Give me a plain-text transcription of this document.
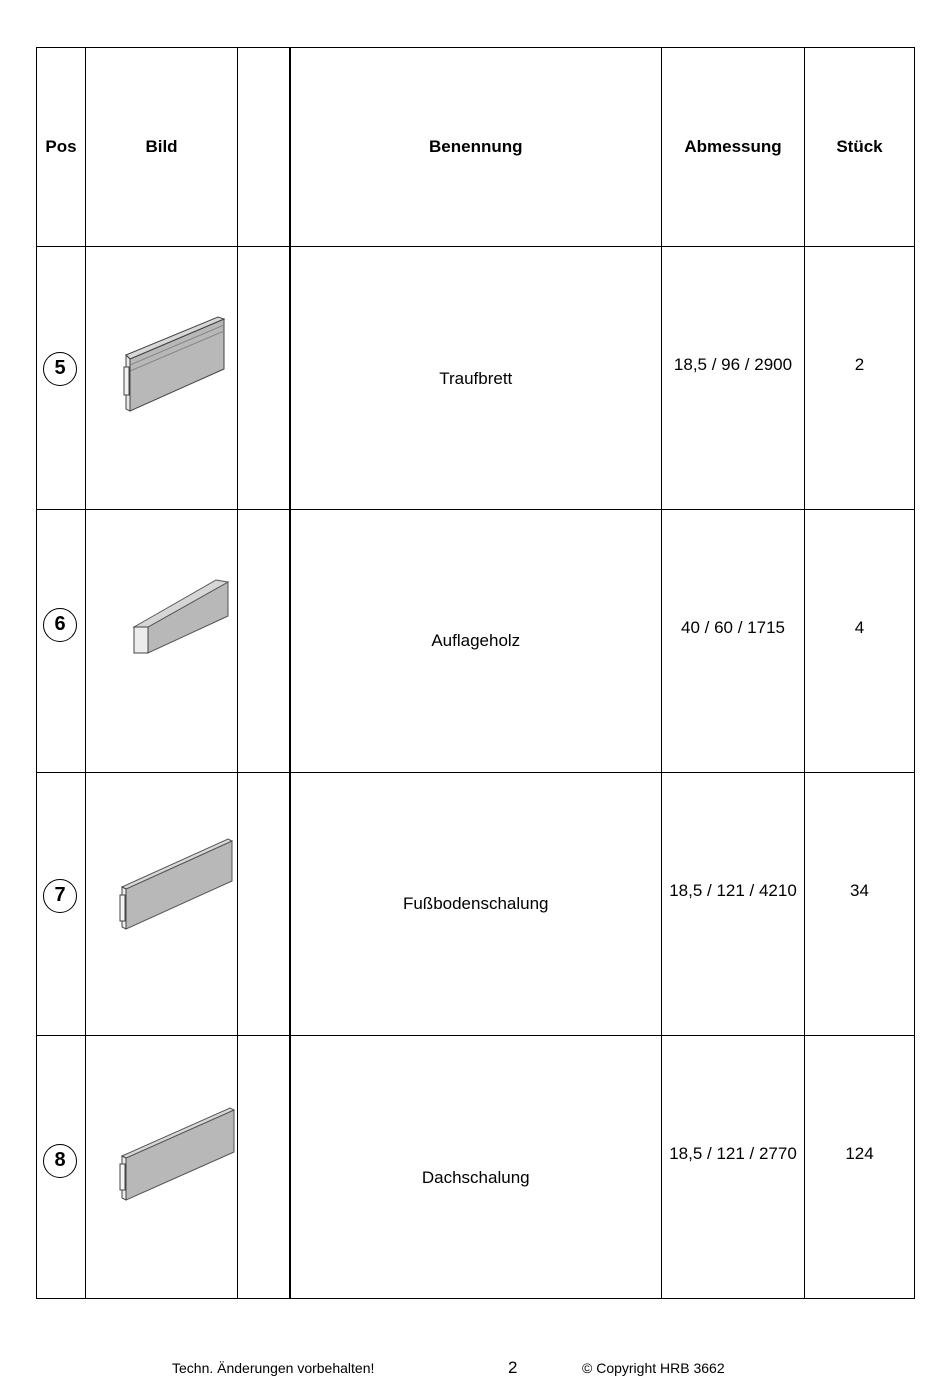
Pos	Bild		Benennung	Abmessung	Stück

5			Traufbrett	18,5 / 96 / 2900	2

6			Auflageholz	40 / 60 / 1715	4

7			Fußbodenschalung	18,5 / 121 / 4210	34

8			Dachschalung	18,5 / 121 / 2770	124
Techn. Änderungen vorbehalten!	2	© Copyright HRB 3662
